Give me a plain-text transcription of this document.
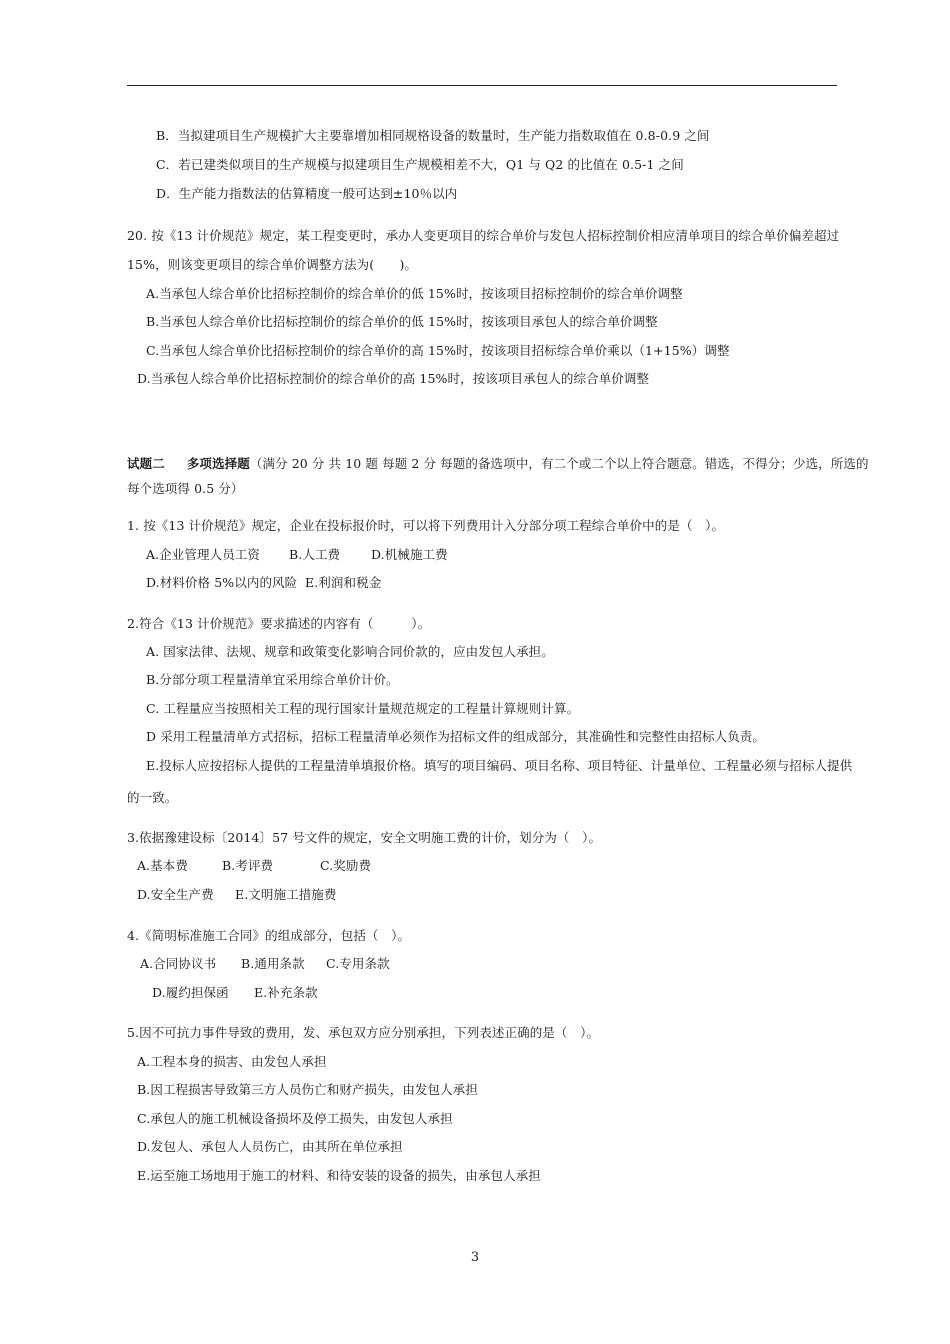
B．当拟建项目生产规模扩大主要靠增加相同规格设备的数量时，生产能力指数取值在 0.8-0.9 之间
C．若已建类似项目的生产规模与拟建项目生产规模相差不大，Q1 与 Q2 的比值在 0.5-1 之间
D．生产能力指数法的估算精度一般可达到±10％以内
20. 按《13 计价规范》规定，某工程变更时，承办人变更项目的综合单价与发包人招标控制价相应清单项目的综合单价偏差超过
15%，则该变更项目的综合单价调整方法为(　　)。
A.当承包人综合单价比招标控制价的综合单价的低 15%时，按该项目招标控制价的综合单价调整
B.当承包人综合单价比招标控制价的综合单价的低 15%时，按该项目承包人的综合单价调整
C.当承包人综合单价比招标控制价的综合单价的高 15%时，按该项目招标综合单价乘以（1+15%）调整
D.当承包人综合单价比招标控制价的综合单价的高 15%时，按该项目承包人的综合单价调整
试题二 多项选择题（满分 20 分 共 10 题 每题 2 分 每题的备选项中，有二个或二个以上符合题意。错选，不得分；少选，所选的
每个选项得 0.5 分）
1. 按《13 计价规范》规定，企业在投标报价时，可以将下列费用计入分部分项工程综合单价中的是（　）。
A.企业管理人员工资 B.人工费 D.机械施工费
D.材料价格 5%以内的风险 E.利润和税金
2.符合《13 计价规范》要求描述的内容有（　　　）。
A. 国家法律、法规、规章和政策变化影响合同价款的，应由发包人承担。
B.分部分项工程量清单宜采用综合单价计价。
C. 工程量应当按照相关工程的现行国家计量规范规定的工程量计算规则计算。
D 采用工程量清单方式招标，招标工程量清单必须作为招标文件的组成部分，其准确性和完整性由招标人负责。
E.投标人应按招标人提供的工程量清单填报价格。填写的项目编码、项目名称、项目特征、计量单位、工程量必须与招标人提供
的一致。
3.依据豫建设标〔2014〕57 号文件的规定，安全文明施工费的计价，划分为（　）。
A.基本费	B.考评费	C.奖励费
D.安全生产费 E.文明施工措施费
4.《简明标准施工合同》的组成部分，包括（　）。
A.合同协议书 B.通用条款 C.专用条款
D.履约担保函 E.补充条款
5.因不可抗力事件导致的费用，发、承包双方应分别承担，下列表述正确的是（　）。
A.工程本身的损害、由发包人承担
B.因工程损害导致第三方人员伤亡和财产损失，由发包人承担
C.承包人的施工机械设备损坏及停工损失，由发包人承担
D.发包人、承包人人员伤亡，由其所在单位承担
E.运至施工场地用于施工的材料、和待安装的设备的损失，由承包人承担
3
